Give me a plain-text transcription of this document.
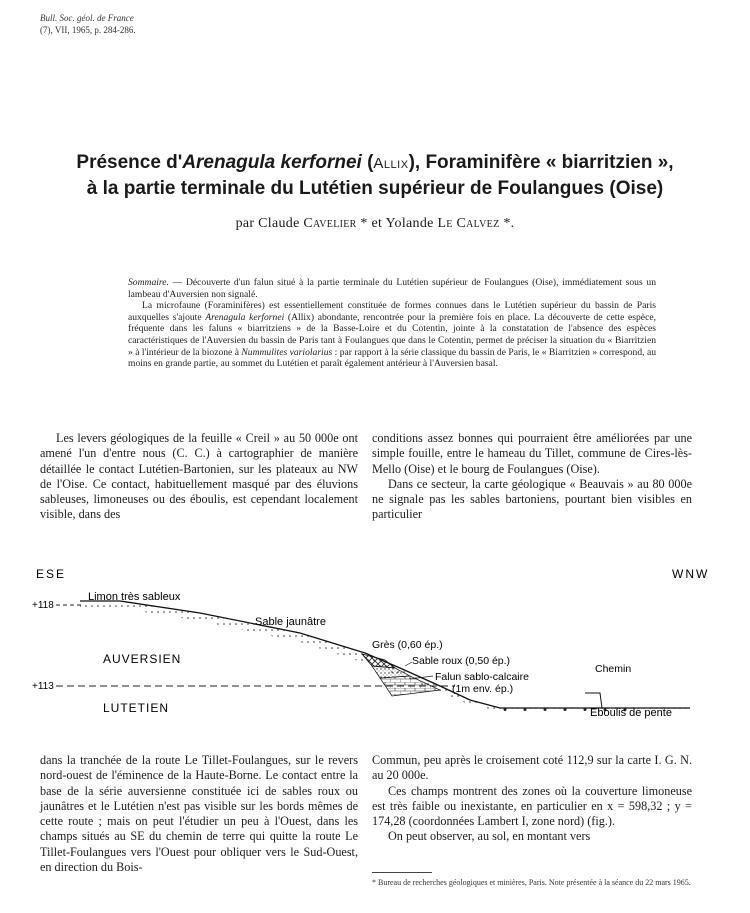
Bull. Soc. géol. de France
(7), VII, 1965, p. 284-286.
Présence d'Arenagula kerfornei (Allix), Foraminifère « biarritzien »,
à la partie terminale du Lutétien supérieur de Foulangues (Oise)
par Claude Cavelier * et Yolande Le Calvez *.
Sommaire. — Découverte d'un falun situé à la partie terminale du Lutétien supérieur de Foulangues (Oise), immédiatement sous un lambeau d'Auversien non signalé.
La microfaune (Foraminifères) est essentiellement constituée de formes connues dans le Lutétien supérieur du bassin de Paris auxquelles s'ajoute Arenagula kerfornei (Allix) abondante, rencontrée pour la première fois en place. La découverte de cette espèce, fréquente dans les faluns « biarritziens » de la Basse-Loire et du Cotentin, jointe à la constatation de l'absence des espèces caractéristiques de l'Auversien du bassin de Paris tant à Foulangues que dans le Cotentin, permet de préciser la situation du « Biarritzien » à l'intérieur de la biozone à Nummulites variolarius : par rapport à la série classique du bassin de Paris, le « Biarritzien » correspond, au moins en grande partie, au sommet du Lutétien et paraît également antérieur à l'Auversien basal.

Les levers géologiques de la feuille « Creil » au 50 000e ont amené l'un d'entre nous (C. C.) à cartographier de manière détaillée le contact Lutétien-Bartonien, sur les plateaux au NW de l'Oise. Ce contact, habituellement masqué par des éluvions sableuses, limoneuses ou des éboulis, est cependant localement visible, dans des

conditions assez bonnes qui pourraient être améliorées par une simple fouille, entre le hameau du Tillet, commune de Cires-lès-Mello (Oise) et le bourg de Foulangues (Oise).

Dans ce secteur, la carte géologique « Beauvais » au 80 000e ne signale pas les sables bartoniens, pourtant bien visibles en particulier

ESE	WNW
+118
+113
Limon très sableux
Sable jaunâtre
Grès (0,60 ép.)
Sable roux (0,50 ép.)
Falun sablo-calcaire
(1m env. ép.)
Chemin
Eboulis de pente
AUVERSIEN
LUTETIEN

dans la tranchée de la route Le Tillet-Foulangues, sur le revers nord-ouest de l'éminence de la Haute-Borne. Le contact entre la base de la série auversienne constituée ici de sables roux ou jaunâtres et le Lutétien n'est pas visible sur les bords mêmes de cette route ; mais on peut l'étudier un peu à l'Ouest, dans les champs situés au SE du chemin de terre qui quitte la route Le Tillet-Foulangues vers l'Ouest pour obliquer vers le Sud-Ouest, en direction du Bois-

Commun, peu après le croisement coté 112,9 sur la carte I. G. N. au 20 000e.

Ces champs montrent des zones où la couverture limoneuse est très faible ou inexistante, en particulier en x = 598,32 ; y = 174,28 (coordonnées Lambert I, zone nord) (fig.).

On peut observer, au sol, en montant vers

* Bureau de recherches géologiques et minières, Paris. Note présentée à la séance du 22 mars 1965.
